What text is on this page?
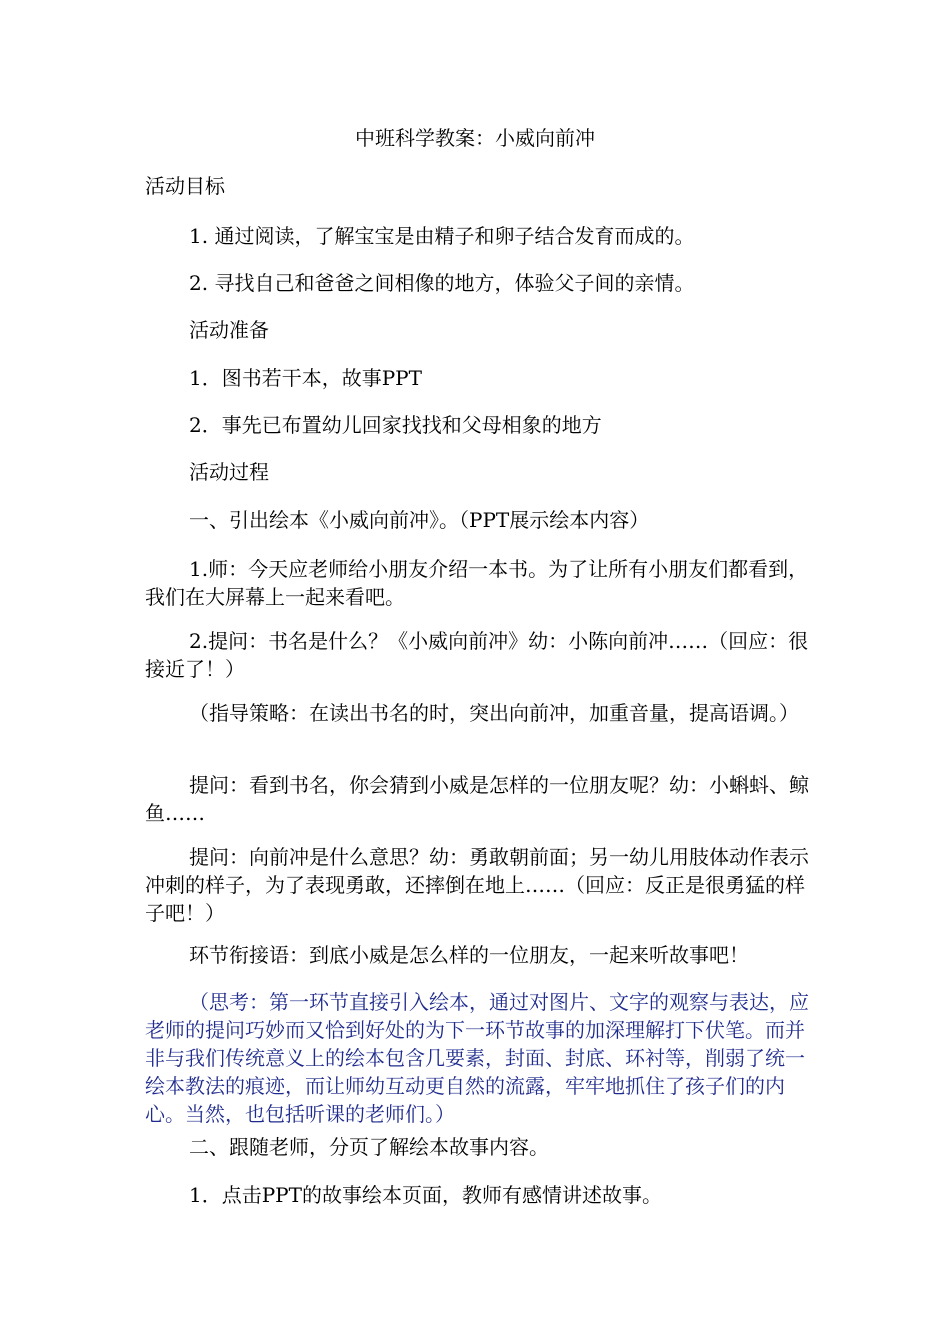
中班科学教案：小威向前冲

活动目标

1. 通过阅读，了解宝宝是由精子和卵子结合发育而成的。

2. 寻找自己和爸爸之间相像的地方，体验父子间的亲情。

活动准备

1．图书若干本，故事PPT

2．事先已布置幼儿回家找找和父母相象的地方

活动过程

一、引出绘本《小威向前冲》。（PPT展示绘本内容）

1.师：今天应老师给小朋友介绍一本书。为了让所有小朋友们都看到，我们在大屏幕上一起来看吧。

2.提问：书名是什么？《小威向前冲》幼：小陈向前冲……（回应：很接近了！）

（指导策略：在读出书名的时，突出向前冲，加重音量，提高语调。）

提问：看到书名，你会猜到小威是怎样的一位朋友呢？幼：小蝌蚪、鲸鱼……

提问：向前冲是什么意思？幼：勇敢朝前面；另一幼儿用肢体动作表示冲刺的样子，为了表现勇敢，还摔倒在地上……（回应：反正是很勇猛的样子吧！）

环节衔接语：到底小威是怎么样的一位朋友，一起来听故事吧！

（思考：第一环节直接引入绘本，通过对图片、文字的观察与表达，应老师的提问巧妙而又恰到好处的为下一环节故事的加深理解打下伏笔。而并非与我们传统意义上的绘本包含几要素，封面、封底、环衬等，削弱了统一绘本教法的痕迹，而让师幼互动更自然的流露，牢牢地抓住了孩子们的内心。当然，也包括听课的老师们。）

二、跟随老师，分页了解绘本故事内容。

1．点击PPT的故事绘本页面，教师有感情讲述故事。
